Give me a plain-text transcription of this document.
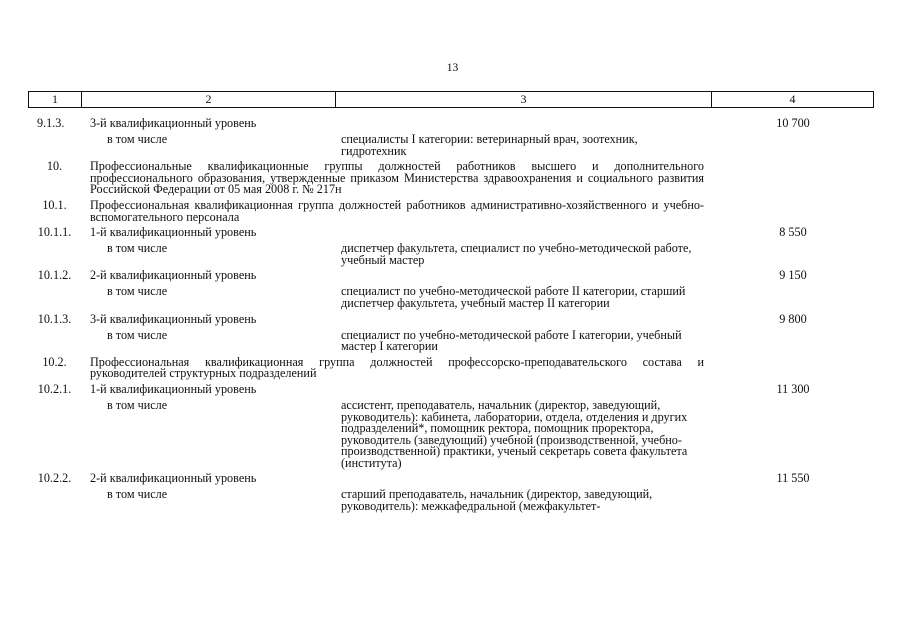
13
1	2	3	4
9.1.3.	3-й квалификационный уровень	10 700
в том числе	специалисты I категории: ветеринарный врач, зоотехник, гидротехник
10.	Профессиональные квалификационные группы должностей работников высшего и дополнительного профессионального образования, утвержденные приказом Министерства здравоохранения и социального развития Российской Федерации от 05 мая 2008 г. № 217н
10.1.	Профессиональная квалификационная группа должностей работников административно-хозяйственного и учебно-вспомогательного персонала
10.1.1.	1-й квалификационный уровень	8 550
в том числе	диспетчер факультета, специалист по учебно-методической работе, учебный мастер
10.1.2.	2-й квалификационный уровень	9 150
в том числе	специалист по учебно-методической работе II категории, старший диспетчер факультета, учебный мастер II категории
10.1.3.	3-й квалификационный уровень	9 800
в том числе	специалист по учебно-методической работе I категории, учебный мастер I категории
10.2.	Профессиональная квалификационная группа должностей профессорско-преподавательского состава и руководителей структурных подразделений
10.2.1.	1-й квалификационный уровень	11 300
в том числе	ассистент, преподаватель, начальник (директор, заведующий, руководитель): кабинета, лаборатории, отдела, отделения и других подразделений*, помощник ректора, помощник проректора, руководитель (заведующий) учебной (производственной, учебно-производственной) практики, ученый секретарь совета факультета (института)
10.2.2.	2-й квалификационный уровень	11 550
в том числе	старший преподаватель, начальник (директор, заведующий, руководитель): межкафедральной (межфакультет-
